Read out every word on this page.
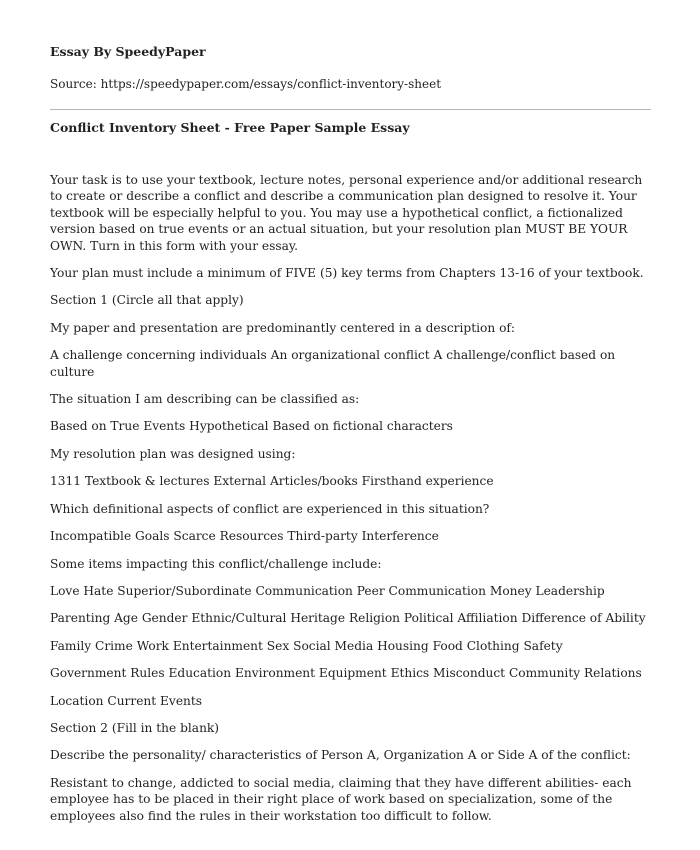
Essay By SpeedyPaper

Source: https://speedypaper.com/essays/conflict-inventory-sheet

Conflict Inventory Sheet - Free Paper Sample Essay

Your task is to use your textbook, lecture notes, personal experience and/or additional research to create or describe a conflict and describe a communication plan designed to resolve it. Your textbook will be especially helpful to you. You may use a hypothetical conflict, a fictionalized version based on true events or an actual situation, but your resolution plan MUST BE YOUR OWN. Turn in this form with your essay.

Your plan must include a minimum of FIVE (5) key terms from Chapters 13-16 of your textbook.

Section 1 (Circle all that apply)

My paper and presentation are predominantly centered in a description of:

A challenge concerning individuals An organizational conflict A challenge/conflict based on culture

The situation I am describing can be classified as:

Based on True Events Hypothetical Based on fictional characters

My resolution plan was designed using:

1311 Textbook & lectures External Articles/books Firsthand experience

Which definitional aspects of conflict are experienced in this situation?

Incompatible Goals Scarce Resources Third-party Interference

Some items impacting this conflict/challenge include:

Love Hate Superior/Subordinate Communication Peer Communication Money Leadership

Parenting Age Gender Ethnic/Cultural Heritage Religion Political Affiliation Difference of Ability

Family Crime Work Entertainment Sex Social Media Housing Food Clothing Safety

Government Rules Education Environment Equipment Ethics Misconduct Community Relations

Location Current Events

Section 2 (Fill in the blank)

Describe the personality/ characteristics of Person A, Organization A or Side A of the conflict:

Resistant to change, addicted to social media, claiming that they have different abilities- each employee has to be placed in their right place of work based on specialization, some of the employees also find the rules in their workstation too difficult to follow.
